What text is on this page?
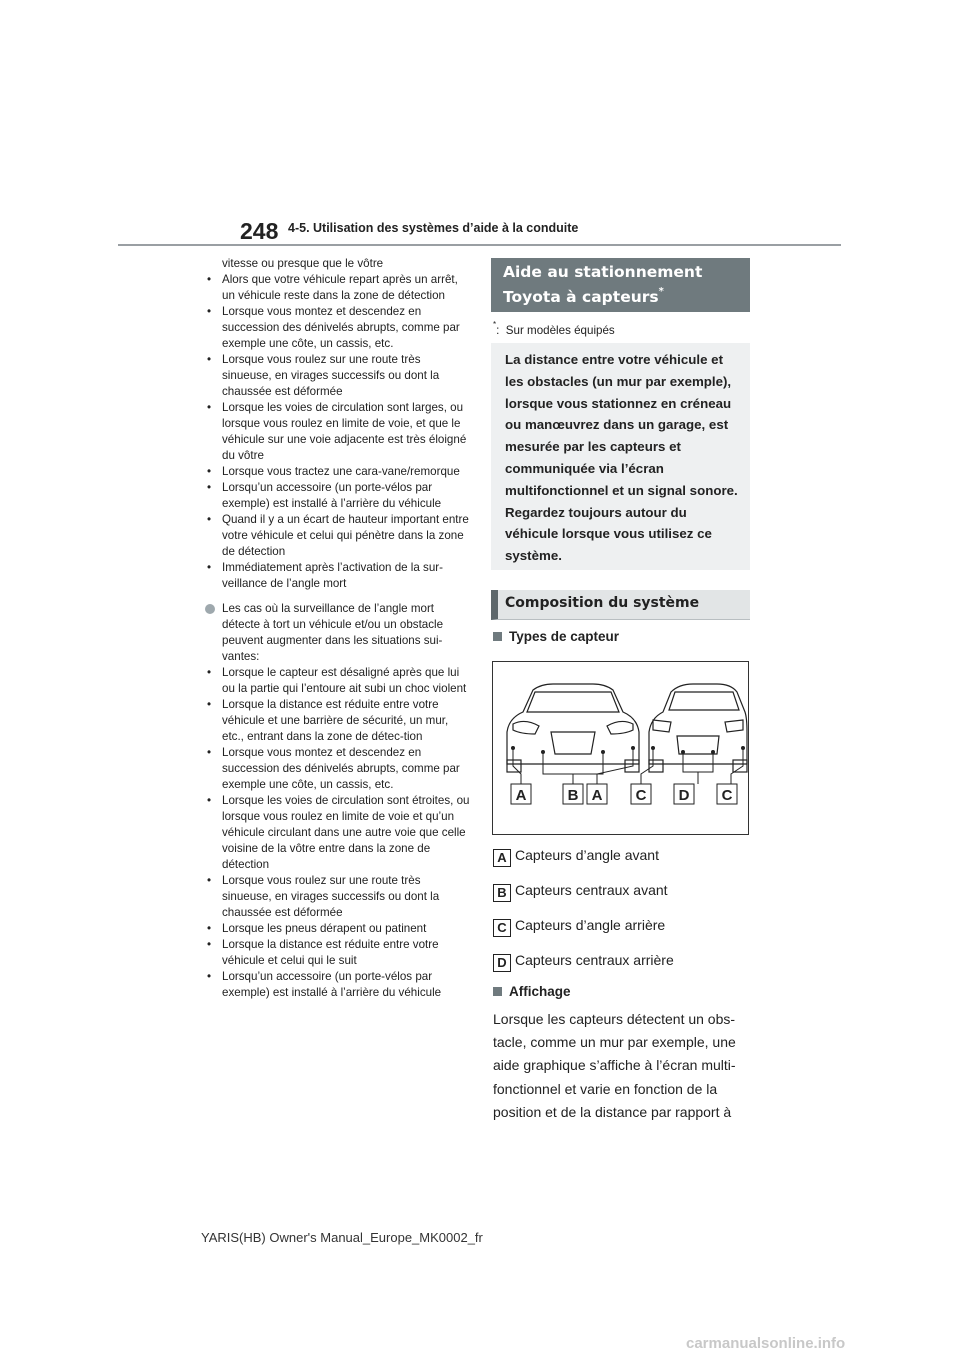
248 4-5. Utilisation des systèmes d’aide à la conduite
vitesse ou presque que le vôtre
• Alors que votre véhicule repart après un arrêt, un véhicule reste dans la zone de détection
• Lorsque vous montez et descendez en succession des dénivelés abrupts, comme par exemple une côte, un cassis, etc.
• Lorsque vous roulez sur une route très sinueuse, en virages successifs ou dont la chaussée est déformée
• Lorsque les voies de circulation sont larges, ou lorsque vous roulez en limite de voie, et que le véhicule sur une voie adjacente est très éloigné du vôtre
• Lorsque vous tractez une cara-vane/remorque
• Lorsqu’un accessoire (un porte-vélos par exemple) est installé à l’arrière du véhicule
• Quand il y a un écart de hauteur important entre votre véhicule et celui qui pénètre dans la zone de détection
• Immédiatement après l’activation de la sur-veillance de l’angle mort
Les cas où la surveillance de l’angle mort détecte à tort un véhicule et/ou un obstacle peuvent augmenter dans les situations sui-vantes:
• Lorsque le capteur est désaligné après que lui ou la partie qui l’entoure ait subi un choc violent
• Lorsque la distance est réduite entre votre véhicule et une barrière de sécurité, un mur, etc., entrant dans la zone de détec-tion
• Lorsque vous montez et descendez en succession des dénivelés abrupts, comme par exemple une côte, un cassis, etc.
• Lorsque les voies de circulation sont étroites, ou lorsque vous roulez en limite de voie et qu’un véhicule circulant dans une autre voie que celle voisine de la vôtre entre dans la zone de détection
• Lorsque vous roulez sur une route très sinueuse, en virages successifs ou dont la chaussée est déformée
• Lorsque les pneus dérapent ou patinent
• Lorsque la distance est réduite entre votre véhicule et celui qui le suit
• Lorsqu’un accessoire (un porte-vélos par exemple) est installé à l’arrière du véhicule
Aide au stationnement
Toyota à capteurs*
*:  Sur modèles équipés
La distance entre votre véhicule et les obstacles (un mur par exemple), lorsque vous stationnez en créneau ou manœuvrez dans un garage, est mesurée par les capteurs et communiquée via l’écran multifonctionnel et un signal sonore. Regardez toujours autour du véhicule lorsque vous utilisez ce système.
Composition du système
Types de capteur
A	B A C D C
A Capteurs d’angle avant
B Capteurs centraux avant
C Capteurs d’angle arrière
D Capteurs centraux arrière
Affichage
Lorsque les capteurs détectent un obs-tacle, comme un mur par exemple, une aide graphique s’affiche à l’écran multi-fonctionnel et varie en fonction de la position et de la distance par rapport à
YARIS(HB) Owner's Manual_Europe_MK0002_fr
carmanualsonline.info
